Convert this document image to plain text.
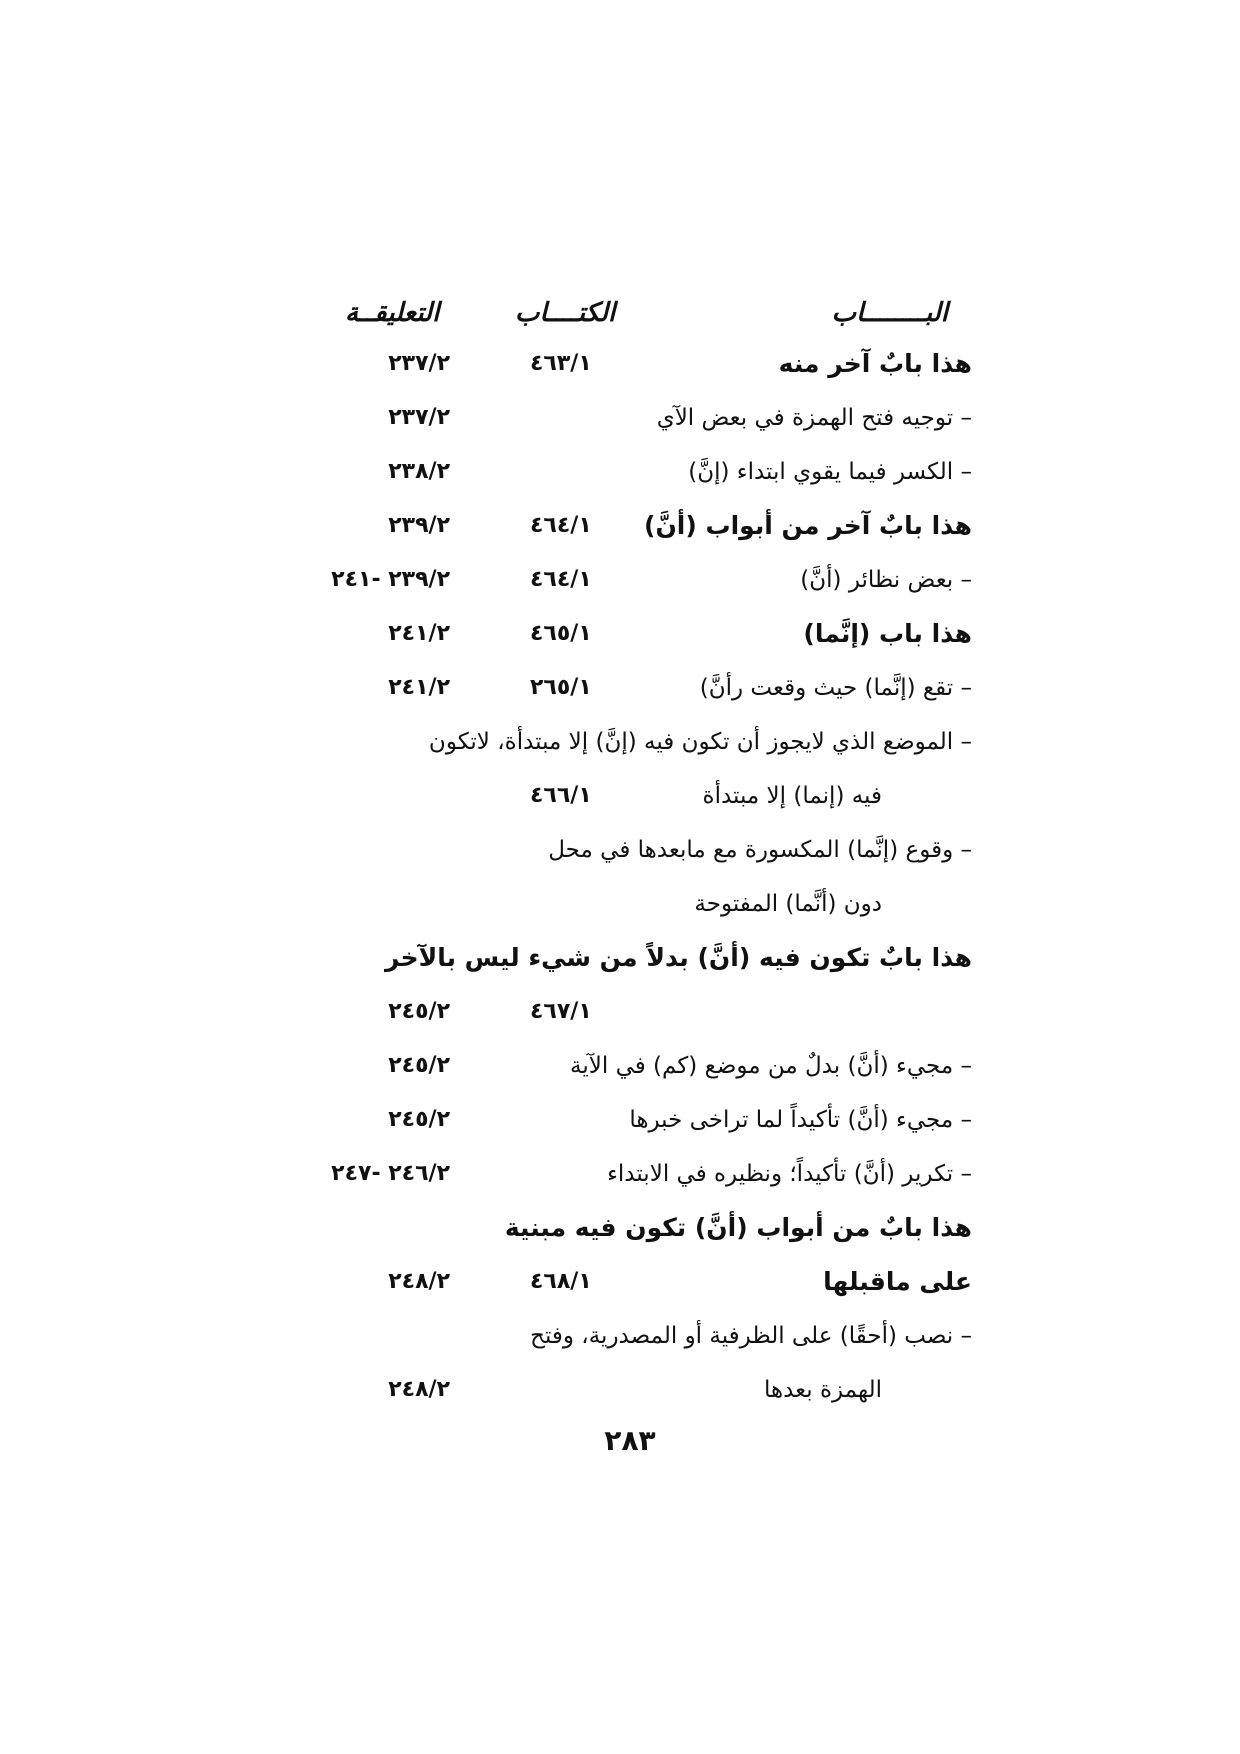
البــــــــاب
الكتــــاب
التعليقــة
هذا بابٌ آخر منه
٤٦٣/١
٢٣٧/٢
– توجيه فتح الهمزة في بعض الآي
٢٣٧/٢
– الكسر فيما يقوي ابتداء (إنَّ)
٢٣٨/٢
هذا بابٌ آخر من أبواب (أنَّ)
٤٦٤/١
٢٣٩/٢
– بعض نظائر (أنَّ)
٤٦٤/١
٢٣٩/٢ -٢٤١
هذا باب (إنَّما)
٤٦٥/١
٢٤١/٢
– تقع (إنَّما) حيث وقعت رأنَّ)
٢٦٥/١
٢٤١/٢
– الموضع الذي لايجوز أن تكون فيه (إنَّ) إلا مبتدأة، لاتكون
فيه (إنما) إلا مبتدأة
٤٦٦/١
– وقوع (إنَّما) المكسورة مع مابعدها في محل
دون (أنَّما) المفتوحة
هذا بابٌ تكون فيه (أنَّ) بدلاً من شيء ليس بالآخر
٤٦٧/١
٢٤٥/٢
– مجيء (أنَّ) بدلٌ من موضع (كم) في الآية
٢٤٥/٢
– مجيء (أنَّ) تأكيداً لما تراخى خبرها
٢٤٥/٢
– تكرير (أنَّ) تأكيداً؛ ونظيره في الابتداء
٢٤٦/٢ -٢٤٧
هذا بابٌ من أبواب (أنَّ) تكون فيه مبنية
على ماقبلها
٤٦٨/١
٢٤٨/٢
– نصب (أحقًا) على الظرفية أو المصدرية، وفتح
الهمزة بعدها
٢٤٨/٢
٢٨٣
